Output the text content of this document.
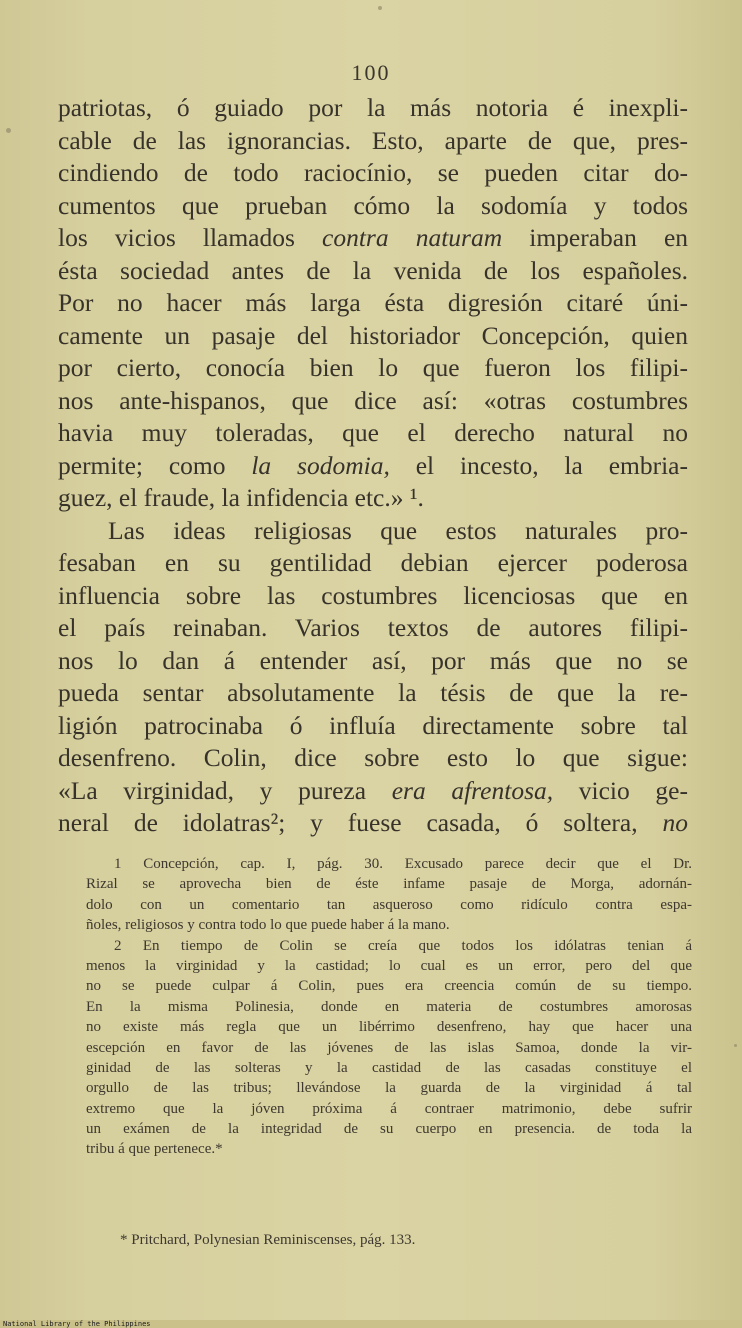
100
patriotas, ó guiado por la más notoria é inexpli-
cable de las ignorancias. Esto, aparte de que, pres-
cindiendo de todo raciocínio, se pueden citar do-
cumentos que prueban cómo la sodomía y todos
los vicios llamados contra naturam imperaban en
ésta sociedad antes de la venida de los españoles.
Por no hacer más larga ésta digresión citaré úni-
camente un pasaje del historiador Concepción, quien
por cierto, conocía bien lo que fueron los filipi-
nos ante-hispanos, que dice así: «otras costumbres
havia muy toleradas, que el derecho natural no
permite; como la sodomia, el incesto, la embria-
guez, el fraude, la infidencia etc.» ¹.
Las ideas religiosas que estos naturales pro-
fesaban en su gentilidad debian ejercer poderosa
influencia sobre las costumbres licenciosas que en
el país reinaban. Varios textos de autores filipi-
nos lo dan á entender así, por más que no se
pueda sentar absolutamente la tésis de que la re-
ligión patrocinaba ó influía directamente sobre tal
desenfreno. Colin, dice sobre esto lo que sigue:
«La virginidad, y pureza era afrentosa, vicio ge-
neral de idolatras²; y fuese casada, ó soltera, no
1 Concepción, cap. I, pág. 30. Excusado parece decir que el Dr.
Rizal se aprovecha bien de éste infame pasaje de Morga, adornán-
dolo con un comentario tan asqueroso como ridículo contra espa-
ñoles, religiosos y contra todo lo que puede haber á la mano.
2 En tiempo de Colin se creía que todos los idólatras tenian á
menos la virginidad y la castidad; lo cual es un error, pero del que
no se puede culpar á Colin, pues era creencia común de su tiempo.
En la misma Polinesia, donde en materia de costumbres amorosas
no existe más regla que un libérrimo desenfreno, hay que hacer una
escepción en favor de las jóvenes de las islas Samoa, donde la vir-
ginidad de las solteras y la castidad de las casadas constituye el
orgullo de las tribus; llevándose la guarda de la virginidad á tal
extremo que la jóven próxima á contraer matrimonio, debe sufrir
un exámen de la integridad de su cuerpo en presencia. de toda la
tribu á que pertenece.*
* Pritchard, Polynesian Reminiscenses, pág. 133.
National Library of the Philippines
